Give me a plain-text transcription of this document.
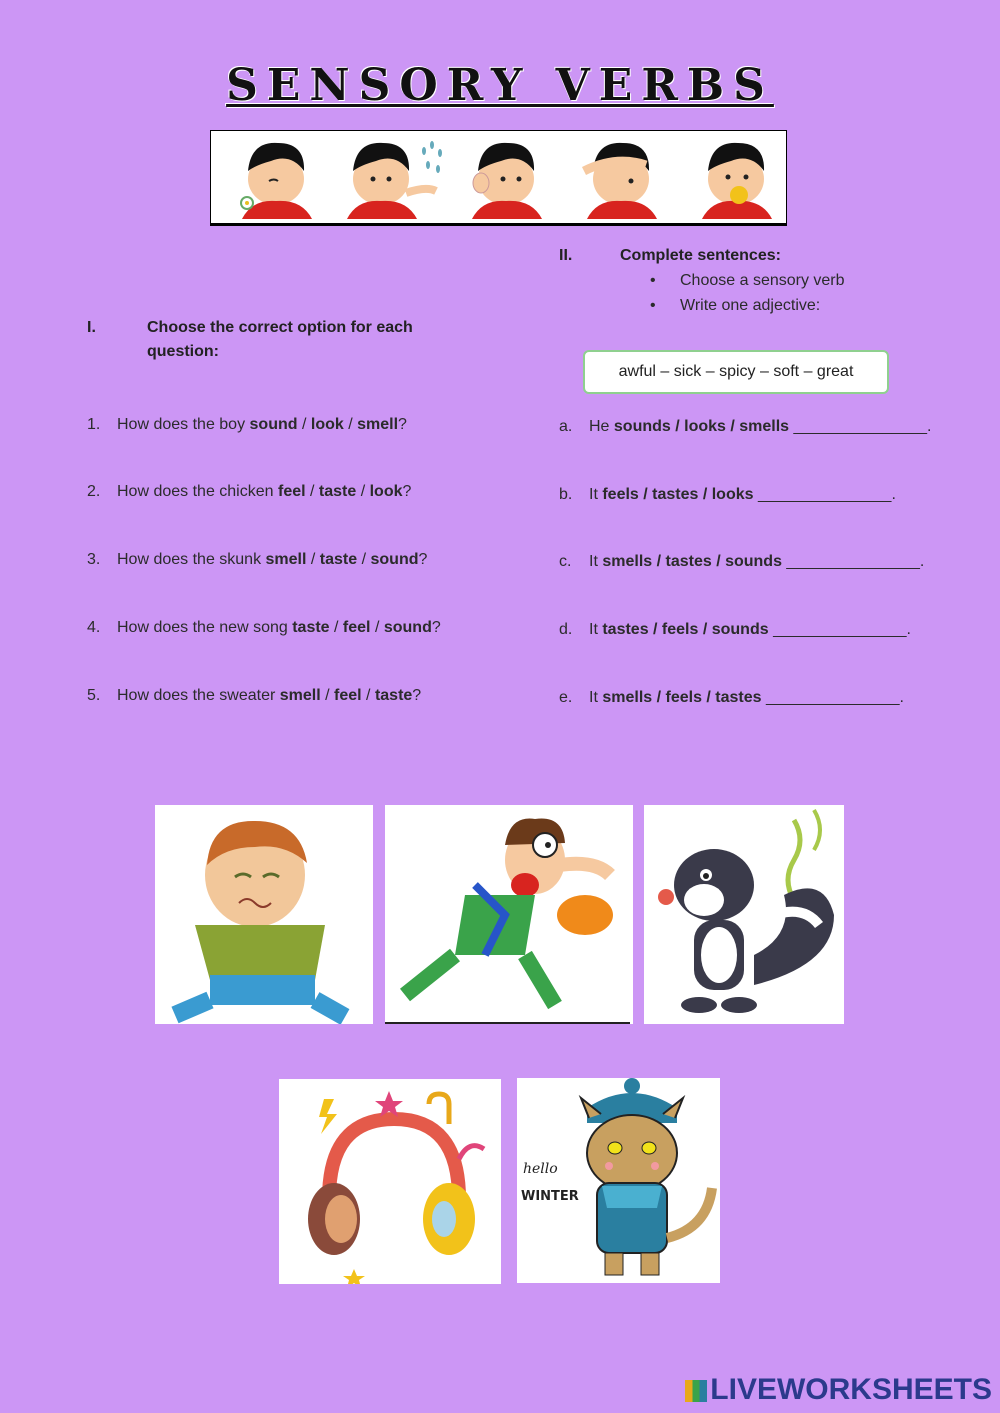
SENSORY VERBS
II.	Complete sentences:
• Choose a sensory verb
• Write one adjective:
I.	Choose the correct option for each
question:
awful – sick – spicy – soft – great
1. How does the boy sound / look / smell?
2. How does the chicken feel / taste / look?
3. How does the skunk smell / taste / sound?
4. How does the new song taste / feel / sound?
5. How does the sweater smell / feel / taste?
a. He sounds / looks / smells _______________.
b. It feels / tastes / looks _______________.
c. It smells / tastes / sounds _______________.
d. It tastes / feels / sounds _______________.
e. It smells / feels / tastes _______________.
hello
WINTER
LIVEWORKSHEETS
